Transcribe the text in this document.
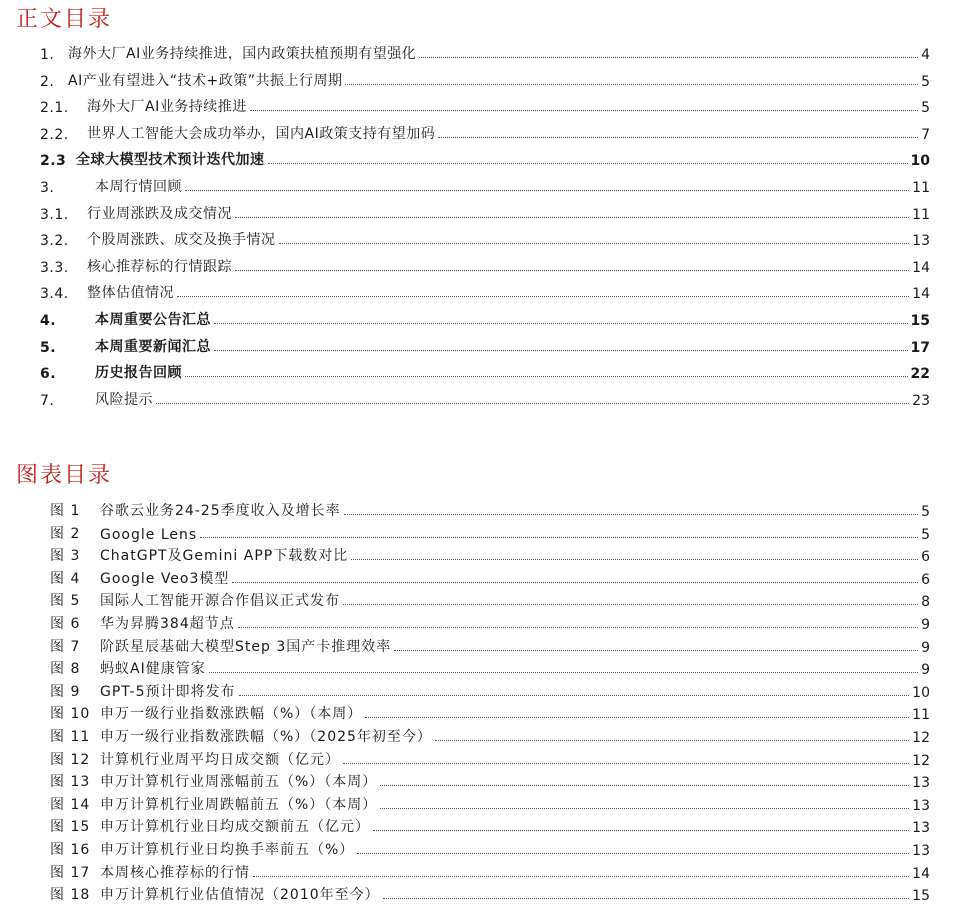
正文目录
1. 海外大厂AI业务持续推进，国内政策扶植预期有望强化	4
2. AI产业有望进入“技术+政策”共振上行周期	5
2.1.	海外大厂AI业务持续推进	5
2.2.	世界人工智能大会成功举办，国内AI政策支持有望加码	7
2.3 全球大模型技术预计迭代加速	10
3.	本周行情回顾	11
3.1.	行业周涨跌及成交情况	11
3.2.	个股周涨跌、成交及换手情况	13
3.3.	核心推荐标的行情跟踪	14
3.4.	整体估值情况	14
4.	本周重要公告汇总	15
5.	本周重要新闻汇总	17
6.	历史报告回顾	22
7.	风险提示	23
图表目录
图 1	谷歌云业务24-25季度收入及增长率	5
图 2	Google Lens	5
图 3	ChatGPT及Gemini APP下载数对比	6
图 4	Google Veo3模型	6
图 5	国际人工智能开源合作倡议正式发布	8
图 6	华为昇腾384超节点	9
图 7	阶跃星辰基础大模型Step 3国产卡推理效率	9
图 8	蚂蚁AI健康管家	9
图 9	GPT-5预计即将发布	10
图 10 申万一级行业指数涨跌幅（%）（本周）	11
图 11 申万一级行业指数涨跌幅（%）（2025年初至今）	12
图 12 计算机行业周平均日成交额（亿元）	12
图 13 申万计算机行业周涨幅前五（%）（本周）	13
图 14 申万计算机行业周跌幅前五（%）（本周）	13
图 15 申万计算机行业日均成交额前五（亿元）	13
图 16 申万计算机行业日均换手率前五（%）	13
图 17 本周核心推荐标的行情	14
图 18 申万计算机行业估值情况（2010年至今）	15
